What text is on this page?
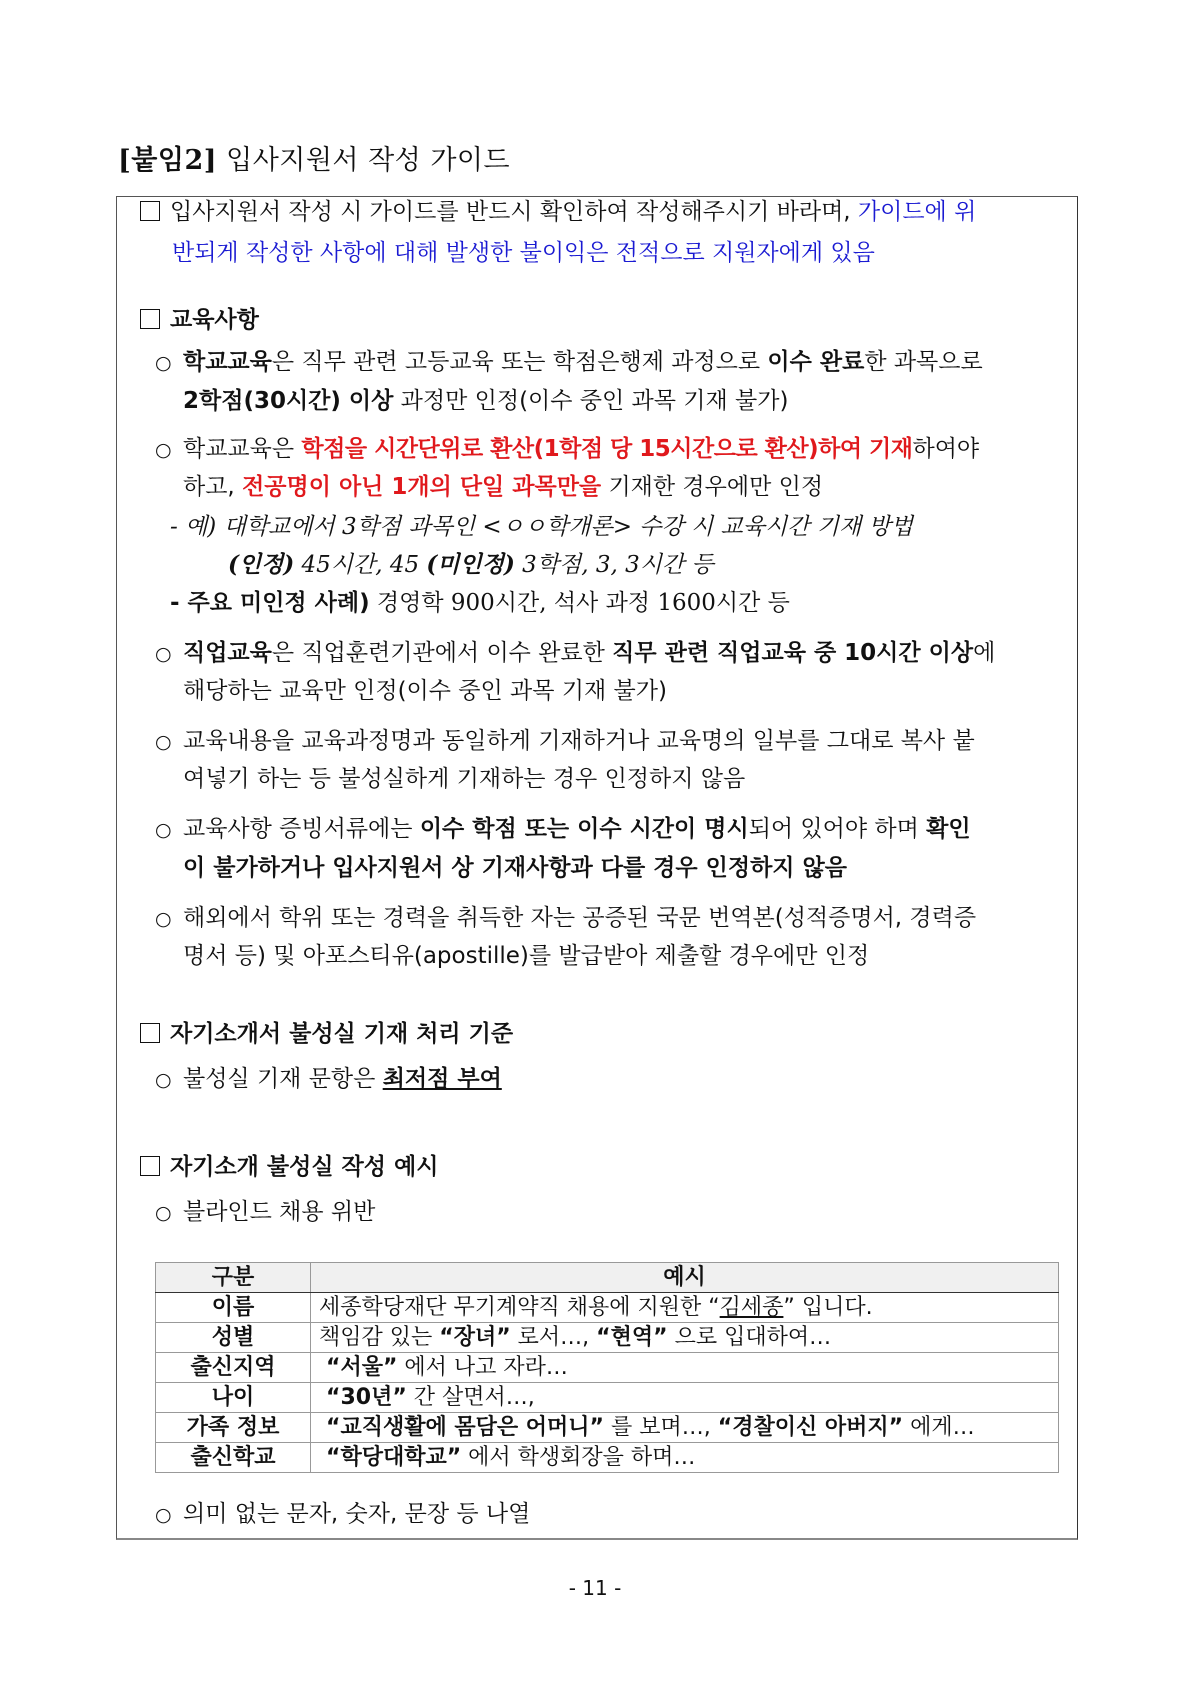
[붙임2] 입사지원서 작성 가이드
입사지원서 작성 시 가이드를 반드시 확인하여 작성해주시기 바라며, 가이드에 위
반되게 작성한 사항에 대해 발생한 불이익은 전적으로 지원자에게 있음
교육사항
○ 학교교육은 직무 관련 고등교육 또는 학점은행제 과정으로 이수 완료한 과목으로
2학점(30시간) 이상 과정만 인정(이수 중인 과목 기재 불가)
○ 학교교육은 학점을 시간단위로 환산(1학점 당 15시간으로 환산)하여 기재하여야
하고, 전공명이 아닌 1개의 단일 과목만을 기재한 경우에만 인정
- 예) 대학교에서 3학점 과목인 <ㅇㅇ학개론> 수강 시 교육시간 기재 방법
(인정) 45시간, 45 (미인정) 3학점, 3, 3시간 등
- 주요 미인정 사례) 경영학 900시간, 석사 과정 1600시간 등
○ 직업교육은 직업훈련기관에서 이수 완료한 직무 관련 직업교육 중 10시간 이상에
해당하는 교육만 인정(이수 중인 과목 기재 불가)
○ 교육내용을 교육과정명과 동일하게 기재하거나 교육명의 일부를 그대로 복사 붙
여넣기 하는 등 불성실하게 기재하는 경우 인정하지 않음
○ 교육사항 증빙서류에는 이수 학점 또는 이수 시간이 명시되어 있어야 하며 확인
이 불가하거나 입사지원서 상 기재사항과 다를 경우 인정하지 않음
○ 해외에서 학위 또는 경력을 취득한 자는 공증된 국문 번역본(성적증명서, 경력증
명서 등) 및 아포스티유(apostille)를 발급받아 제출할 경우에만 인정
자기소개서 불성실 기재 처리 기준
○ 불성실 기재 문항은 최저점 부여
자기소개 불성실 작성 예시
○ 블라인드 채용 위반
구분	예시
이름	세종학당재단 무기계약직 채용에 지원한 “김세종” 입니다.
성별	책임감 있는 “장녀” 로서…, “현역” 으로 입대하여…
출신지역	“서울” 에서 나고 자라…
나이	“30년” 간 살면서…,
가족 정보	“교직생활에 몸담은 어머니” 를 보며…, “경찰이신 아버지” 에게…
출신학교	“학당대학교” 에서 학생회장을 하며…
○ 의미 없는 문자, 숫자, 문장 등 나열
- 11 -
